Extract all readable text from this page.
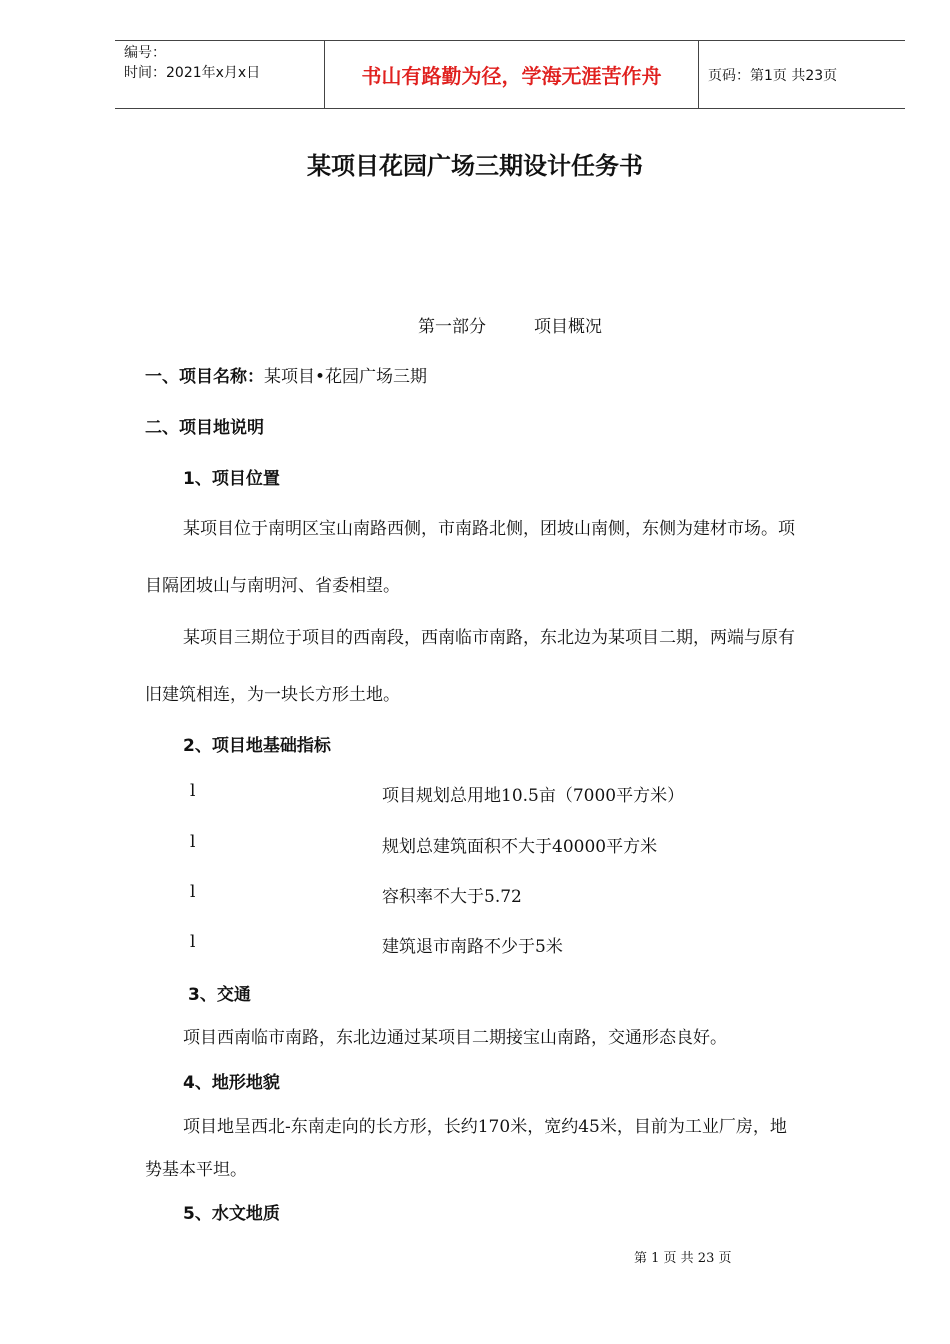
编号：
时间：2021年x月x日	书山有路勤为径，学海无涯苦作舟	页码：第1页 共23页
某项目花园广场三期设计任务书
第一部分	项目概况
一、项目名称：某项目•花园广场三期
二、项目地说明
1、项目位置
某项目位于南明区宝山南路西侧，市南路北侧，团坡山南侧，东侧为建材市场。项
目隔团坡山与南明河、省委相望。
某项目三期位于项目的西南段，西南临市南路，东北边为某项目二期，两端与原有
旧建筑相连，为一块长方形土地。
2、项目地基础指标
l	项目规划总用地10.5亩（7000平方米）
l	规划总建筑面积不大于40000平方米
l	容积率不大于5.72
l	建筑退市南路不少于5米
3、交通
项目西南临市南路，东北边通过某项目二期接宝山南路，交通形态良好。
4、地形地貌
项目地呈西北-东南走向的长方形，长约170米，宽约45米，目前为工业厂房，地
势基本平坦。
5、水文地质
第 1 页 共 23 页
